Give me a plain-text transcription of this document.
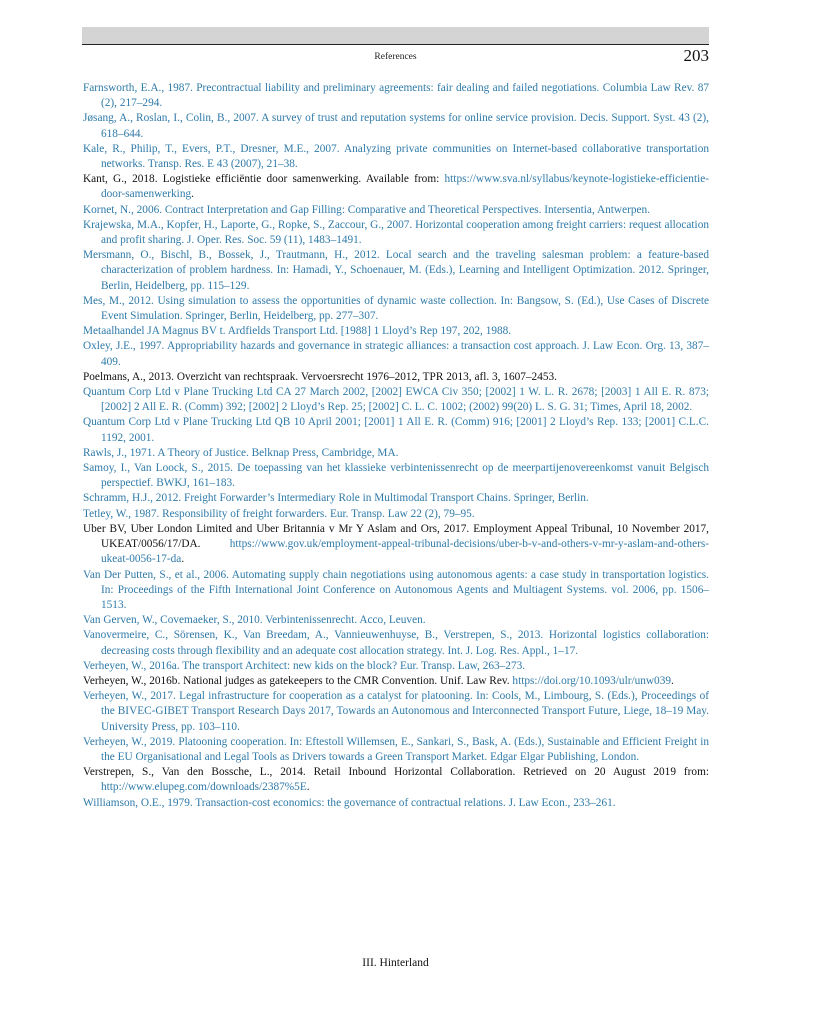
References	203
Farnsworth, E.A., 1987. Precontractual liability and preliminary agreements: fair dealing and failed negotiations. Columbia Law Rev. 87 (2), 217–294.
Jøsang, A., Roslan, I., Colin, B., 2007. A survey of trust and reputation systems for online service provision. Decis. Support. Syst. 43 (2), 618–644.
Kale, R., Philip, T., Evers, P.T., Dresner, M.E., 2007. Analyzing private communities on Internet-based collaborative transportation networks. Transp. Res. E 43 (2007), 21–38.
Kant, G., 2018. Logistieke efficiëntie door samenwerking. Available from: https://www.sva.nl/syllabus/keynote-logistieke-efficientie-door-samenwerking.
Kornet, N., 2006. Contract Interpretation and Gap Filling: Comparative and Theoretical Perspectives. Intersentia, Antwerpen.
Krajewska, M.A., Kopfer, H., Laporte, G., Ropke, S., Zaccour, G., 2007. Horizontal cooperation among freight carriers: request allocation and profit sharing. J. Oper. Res. Soc. 59 (11), 1483–1491.
Mersmann, O., Bischl, B., Bossek, J., Trautmann, H., 2012. Local search and the traveling salesman problem: a feature-based characterization of problem hardness. In: Hamadi, Y., Schoenauer, M. (Eds.), Learning and Intelligent Optimization. 2012. Springer, Berlin, Heidelberg, pp. 115–129.
Mes, M., 2012. Using simulation to assess the opportunities of dynamic waste collection. In: Bangsow, S. (Ed.), Use Cases of Discrete Event Simulation. Springer, Berlin, Heidelberg, pp. 277–307.
Metaalhandel JA Magnus BV t. Ardfields Transport Ltd. [1988] 1 Lloyd’s Rep 197, 202, 1988.
Oxley, J.E., 1997. Appropriability hazards and governance in strategic alliances: a transaction cost approach. J. Law Econ. Org. 13, 387–409.
Poelmans, A., 2013. Overzicht van rechtspraak. Vervoersrecht 1976–2012, TPR 2013, afl. 3, 1607–2453.
Quantum Corp Ltd v Plane Trucking Ltd CA 27 March 2002, [2002] EWCA Civ 350; [2002] 1 W. L. R. 2678; [2003] 1 All E. R. 873; [2002] 2 All E. R. (Comm) 392; [2002] 2 Lloyd’s Rep. 25; [2002] C. L. C. 1002; (2002) 99(20) L. S. G. 31; Times, April 18, 2002.
Quantum Corp Ltd v Plane Trucking Ltd QB 10 April 2001; [2001] 1 All E. R. (Comm) 916; [2001] 2 Lloyd’s Rep. 133; [2001] C.L.C. 1192, 2001.
Rawls, J., 1971. A Theory of Justice. Belknap Press, Cambridge, MA.
Samoy, I., Van Loock, S., 2015. De toepassing van het klassieke verbintenissenrecht op de meerpartijenovereenkomst vanuit Belgisch perspectief. BWKJ, 161–183.
Schramm, H.J., 2012. Freight Forwarder’s Intermediary Role in Multimodal Transport Chains. Springer, Berlin.
Tetley, W., 1987. Responsibility of freight forwarders. Eur. Transp. Law 22 (2), 79–95.
Uber BV, Uber London Limited and Uber Britannia v Mr Y Aslam and Ors, 2017. Employment Appeal Tribunal, 10 November 2017, UKEAT/0056/17/DA. https://www.gov.uk/employment-appeal-tribunal-decisions/uber-b-v-and-others-v-mr-y-aslam-and-others-ukeat-0056-17-da.
Van Der Putten, S., et al., 2006. Automating supply chain negotiations using autonomous agents: a case study in transportation logistics. In: Proceedings of the Fifth International Joint Conference on Autonomous Agents and Multiagent Systems. vol. 2006, pp. 1506–1513.
Van Gerven, W., Covemaeker, S., 2010. Verbintenissenrecht. Acco, Leuven.
Vanovermeire, C., Sörensen, K., Van Breedam, A., Vannieuwenhuyse, B., Verstrepen, S., 2013. Horizontal logistics collaboration: decreasing costs through flexibility and an adequate cost allocation strategy. Int. J. Log. Res. Appl., 1–17.
Verheyen, W., 2016a. The transport Architect: new kids on the block? Eur. Transp. Law, 263–273.
Verheyen, W., 2016b. National judges as gatekeepers to the CMR Convention. Unif. Law Rev. https://doi.org/10.1093/ulr/unw039.
Verheyen, W., 2017. Legal infrastructure for cooperation as a catalyst for platooning. In: Cools, M., Limbourg, S. (Eds.), Proceedings of the BIVEC-GIBET Transport Research Days 2017, Towards an Autonomous and Interconnected Transport Future, Liege, 18–19 May. University Press, pp. 103–110.
Verheyen, W., 2019. Platooning cooperation. In: Eftestoll Willemsen, E., Sankari, S., Bask, A. (Eds.), Sustainable and Efficient Freight in the EU Organisational and Legal Tools as Drivers towards a Green Transport Market. Edgar Elgar Publishing, London.
Verstrepen, S., Van den Bossche, L., 2014. Retail Inbound Horizontal Collaboration. Retrieved on 20 August 2019 from: http://www.elupeg.com/downloads/2387%5E.
Williamson, O.E., 1979. Transaction-cost economics: the governance of contractual relations. J. Law Econ., 233–261.
III. Hinterland
